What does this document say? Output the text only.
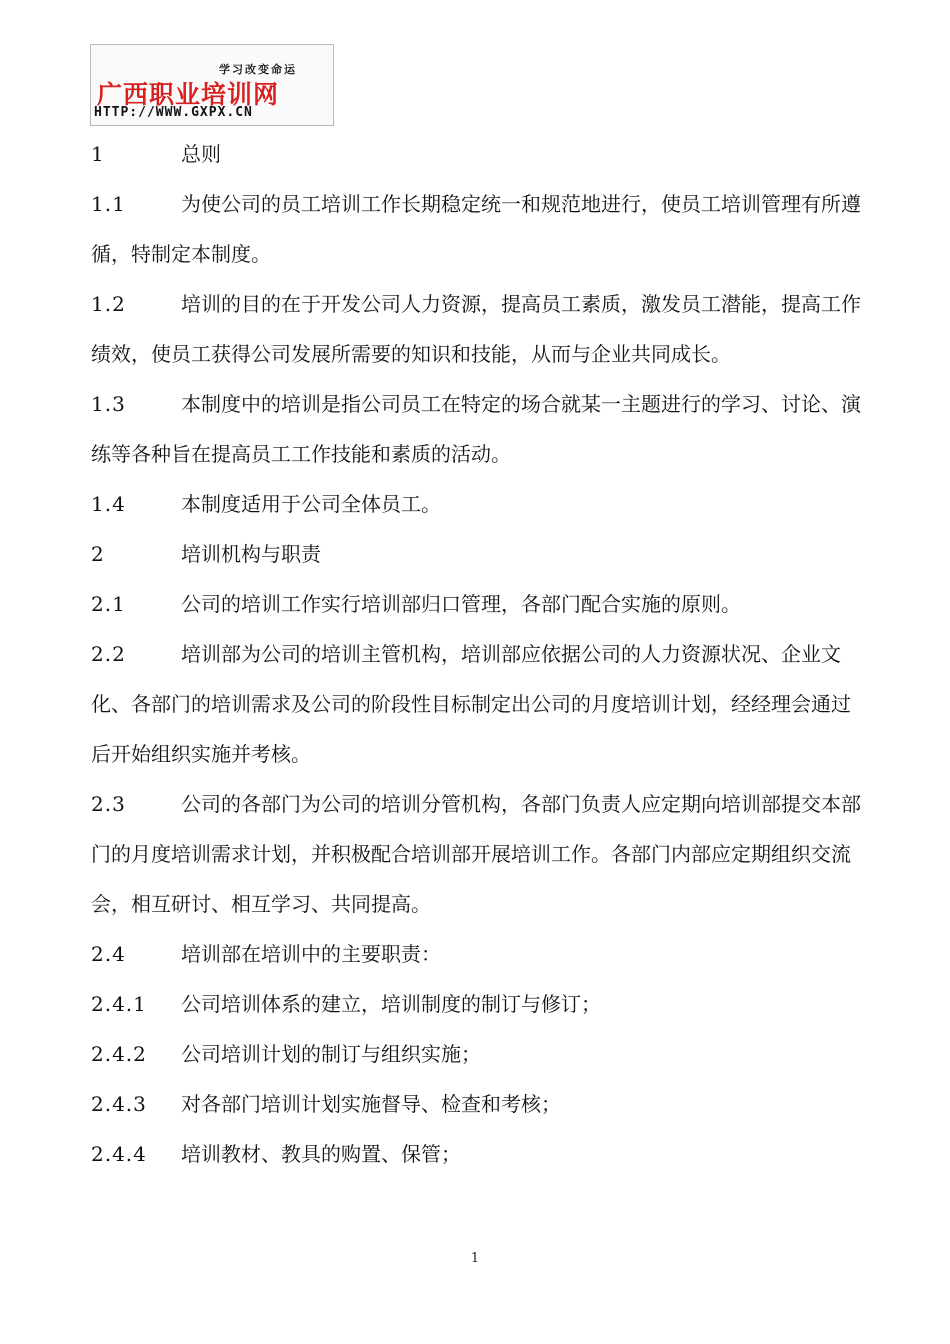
学习改变命运
广西职业培训网
HTTP://WWW.GXPX.CN

1	总则

1.1	为使公司的员工培训工作长期稳定统一和规范地进行，使员工培训管理有所遵循，特制定本制度。

1.2	培训的目的在于开发公司人力资源，提高员工素质，激发员工潜能，提高工作绩效，使员工获得公司发展所需要的知识和技能，从而与企业共同成长。

1.3	本制度中的培训是指公司员工在特定的场合就某一主题进行的学习、讨论、演练等各种旨在提高员工工作技能和素质的活动。

1.4	本制度适用于公司全体员工。

2	培训机构与职责

2.1	公司的培训工作实行培训部归口管理，各部门配合实施的原则。

2.2	培训部为公司的培训主管机构，培训部应依据公司的人力资源状况、企业文化、各部门的培训需求及公司的阶段性目标制定出公司的月度培训计划，经经理会通过后开始组织实施并考核。

2.3	公司的各部门为公司的培训分管机构，各部门负责人应定期向培训部提交本部门的月度培训需求计划，并积极配合培训部开展培训工作。各部门内部应定期组织交流会，相互研讨、相互学习、共同提高。

2.4	培训部在培训中的主要职责：

2.4.1 公司培训体系的建立，培训制度的制订与修订；

2.4.2 公司培训计划的制订与组织实施；

2.4.3 对各部门培训计划实施督导、检查和考核；

2.4.4 培训教材、教具的购置、保管；

1
